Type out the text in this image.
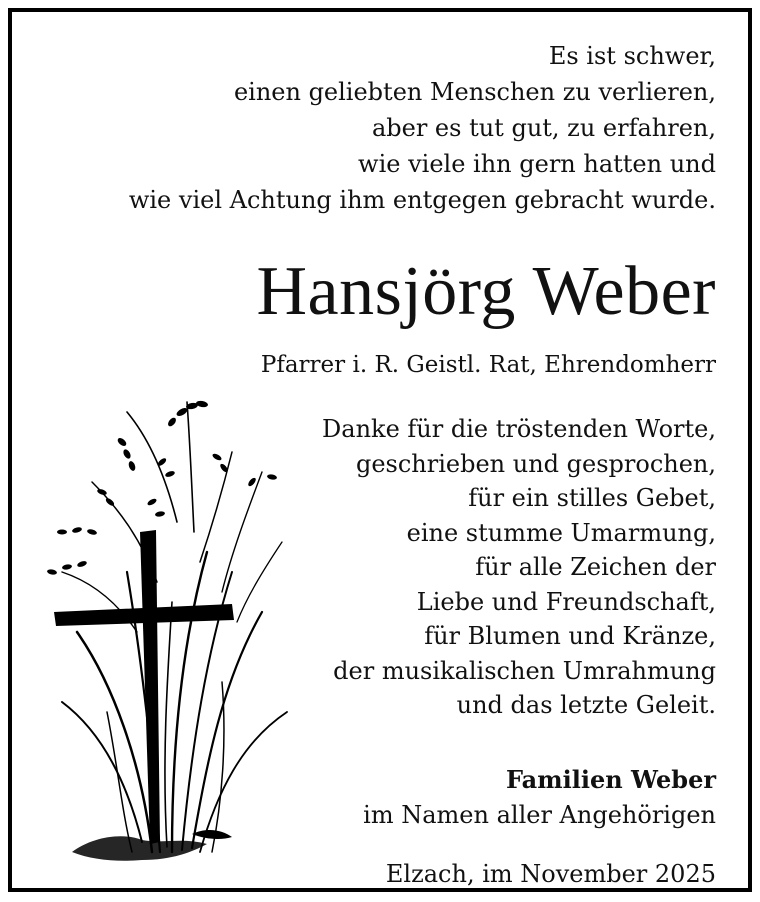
Es ist schwer,
einen geliebten Menschen zu verlieren,
aber es tut gut, zu erfahren,
wie viele ihn gern hatten und
wie viel Achtung ihm entgegen gebracht wurde.
Hansjörg Weber
Pfarrer i. R. Geistl. Rat, Ehrendomherr
Danke für die tröstenden Worte,
geschrieben und gesprochen,
für ein stilles Gebet,
eine stumme Umarmung,
für alle Zeichen der
Liebe und Freundschaft,
für Blumen und Kränze,
der musikalischen Umrahmung
und das letzte Geleit.
Familien Weber
im Namen aller Angehörigen
Elzach, im November 2025
